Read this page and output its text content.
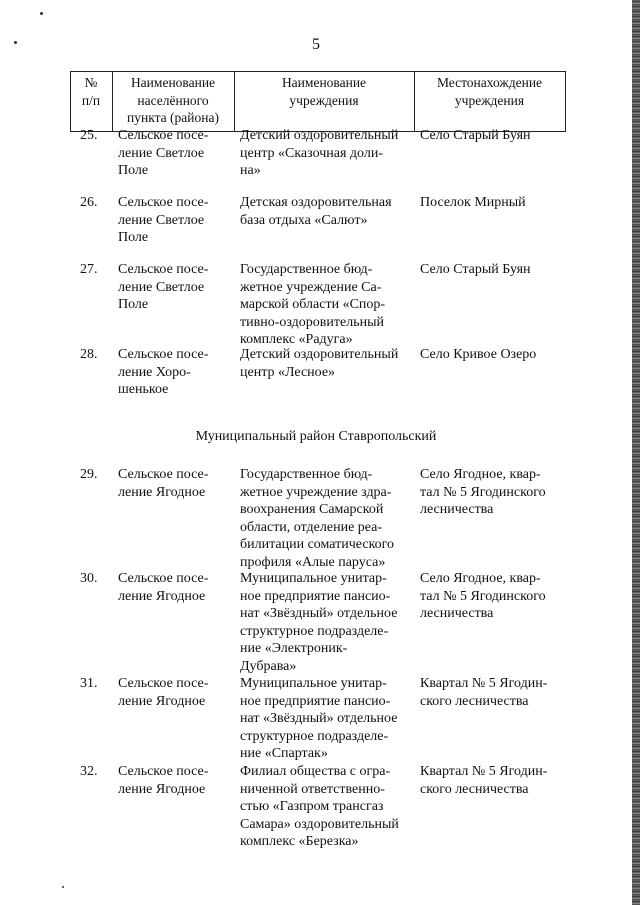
5
№
п/п
Наименование
населённого
пункта (района)
Наименование
учреждения
Местонахождение
учреждения
25. Сельское посе-
ление Светлое
Поле
Детский оздоровительный
центр «Сказочная доли-
на»
Село Старый Буян
26. Сельское посе-
ление Светлое
Поле
Детская оздоровительная
база отдыха «Салют»
Поселок Мирный
27. Сельское посе-
ление Светлое
Поле
Государственное бюд-
жетное учреждение Са-
марской области «Спор-
тивно-оздоровительный
комплекс «Радуга»
Село Старый Буян
28. Сельское посе-
ление Хоро-
шенькое
Детский оздоровительный
центр «Лесное»
Село Кривое Озеро
Муниципальный район Ставропольский
29. Сельское посе-
ление Ягодное
Государственное бюд-
жетное учреждение здра-
воохранения Самарской
области, отделение реа-
билитации соматического
профиля «Алые паруса»
Село Ягодное, квар-
тал № 5 Ягодинского
лесничества
30. Сельское посе-
ление Ягодное
Муниципальное унитар-
ное предприятие пансио-
нат «Звёздный» отдельное
структурное подразделе-
ние «Электроник-
Дубрава»
Село Ягодное, квар-
тал № 5 Ягодинского
лесничества
31. Сельское посе-
ление Ягодное
Муниципальное унитар-
ное предприятие пансио-
нат «Звёздный» отдельное
структурное подразделе-
ние «Спартак»
Квартал № 5 Ягодин-
ского лесничества
32. Сельское посе-
ление Ягодное
Филиал общества с огра-
ниченной ответственно-
стью «Газпром трансгаз
Самара» оздоровительный
комплекс «Березка»
Квартал № 5 Ягодин-
ского лесничества
